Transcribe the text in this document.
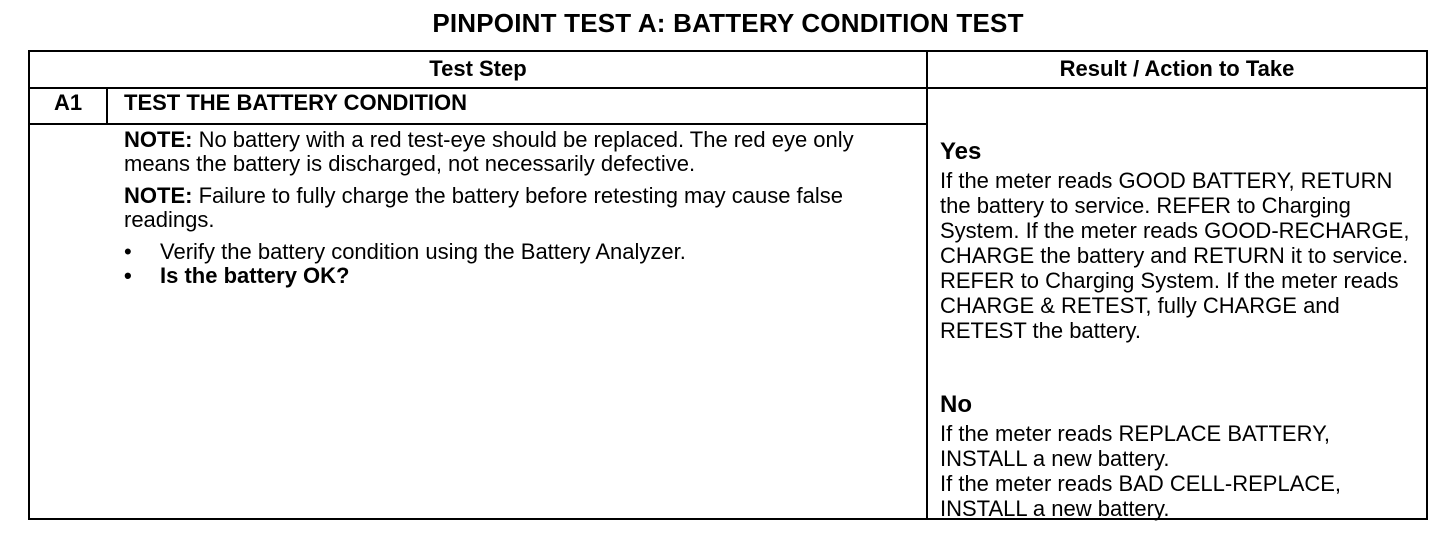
PINPOINT TEST A: BATTERY CONDITION TEST
Test Step	Result / Action to Take
A1	TEST THE BATTERY CONDITION
NOTE: No battery with a red test-eye should be replaced. The red eye only means the battery is discharged, not necessarily defective.
NOTE: Failure to fully charge the battery before retesting may cause false readings.
• Verify the battery condition using the Battery Analyzer.
• Is the battery OK?
Yes
If the meter reads GOOD BATTERY, RETURN the battery to service. REFER to Charging System. If the meter reads GOOD-RECHARGE, CHARGE the battery and RETURN it to service. REFER to Charging System. If the meter reads CHARGE & RETEST, fully CHARGE and RETEST the battery.
No
If the meter reads REPLACE BATTERY, INSTALL a new battery.
If the meter reads BAD CELL-REPLACE, INSTALL a new battery.
